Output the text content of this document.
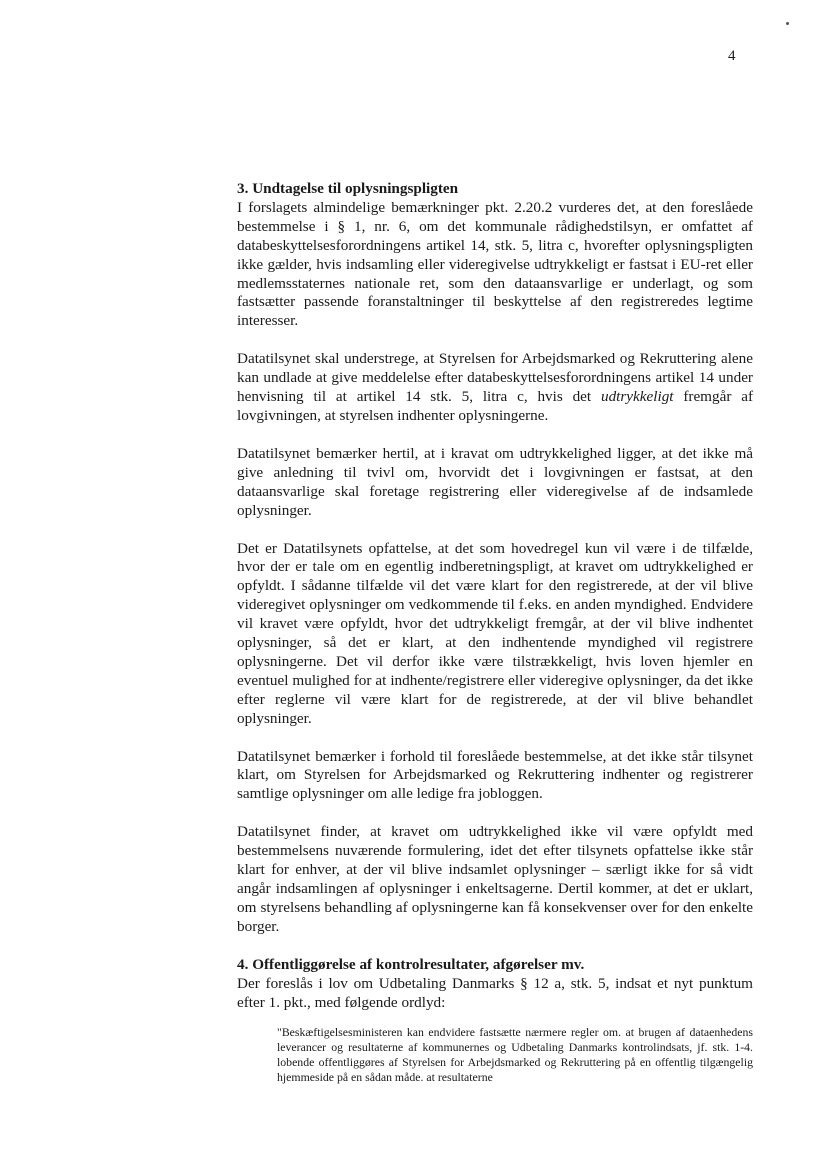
4
3. Undtagelse til oplysningspligten

I forslagets almindelige bemærkninger pkt. 2.20.2 vurderes det, at den foreslåede bestemmelse i § 1, nr. 6, om det kommunale rådighedstilsyn, er omfattet af databeskyttelsesforordningens artikel 14, stk. 5, litra c, hvorefter oplysningspligten ikke gælder, hvis indsamling eller videregivelse udtrykkeligt er fastsat i EU-ret eller medlemsstaternes nationale ret, som den dataansvarlige er underlagt, og som fastsætter passende foranstaltninger til beskyttelse af den registreredes legtime interesser.

Datatilsynet skal understrege, at Styrelsen for Arbejdsmarked og Rekruttering alene kan undlade at give meddelelse efter databeskyttelsesforordningens artikel 14 under henvisning til at artikel 14 stk. 5, litra c, hvis det udtrykkeligt fremgår af lovgivningen, at styrelsen indhenter oplysningerne.

Datatilsynet bemærker hertil, at i kravat om udtrykkelighed ligger, at det ikke må give anledning til tvivl om, hvorvidt det i lovgivningen er fastsat, at den dataansvarlige skal foretage registrering eller videregivelse af de indsamlede oplysninger.

Det er Datatilsynets opfattelse, at det som hovedregel kun vil være i de tilfælde, hvor der er tale om en egentlig indberetningspligt, at kravet om udtrykkelighed er opfyldt. I sådanne tilfælde vil det være klart for den registrerede, at der vil blive videregivet oplysninger om vedkommende til f.eks. en anden myndighed. Endvidere vil kravet være opfyldt, hvor det udtrykkeligt fremgår, at der vil blive indhentet oplysninger, så det er klart, at den indhentende myndighed vil registrere oplysningerne. Det vil derfor ikke være tilstrækkeligt, hvis loven hjemler en eventuel mulighed for at indhente/registrere eller videregive oplysninger, da det ikke efter reglerne vil være klart for de registrerede, at der vil blive behandlet oplysninger.

Datatilsynet bemærker i forhold til foreslåede bestemmelse, at det ikke står tilsynet klart, om Styrelsen for Arbejdsmarked og Rekruttering indhenter og registrerer samtlige oplysninger om alle ledige fra jobloggen.

Datatilsynet finder, at kravet om udtrykkelighed ikke vil være opfyldt med bestemmelsens nuværende formulering, idet det efter tilsynets opfattelse ikke står klart for enhver, at der vil blive indsamlet oplysninger – særligt ikke for så vidt angår indsamlingen af oplysninger i enkeltsagerne. Dertil kommer, at det er uklart, om styrelsens behandling af oplysningerne kan få konsekvenser over for den enkelte borger.

4. Offentliggørelse af kontrolresultater, afgørelser mv.

Der foreslås i lov om Udbetaling Danmarks § 12 a, stk. 5, indsat et nyt punktum efter 1. pkt., med følgende ordlyd:

"Beskæftigelsesministeren kan endvidere fastsætte nærmere regler om. at brugen af dataenhedens leverancer og resultaterne af kommunernes og Udbetaling Danmarks kontrolindsats, jf. stk. 1-4. lobende offentliggøres af Styrelsen for Arbejdsmarked og Rekruttering på en offentlig tilgængelig hjemmeside på en sådan måde. at resultaterne
